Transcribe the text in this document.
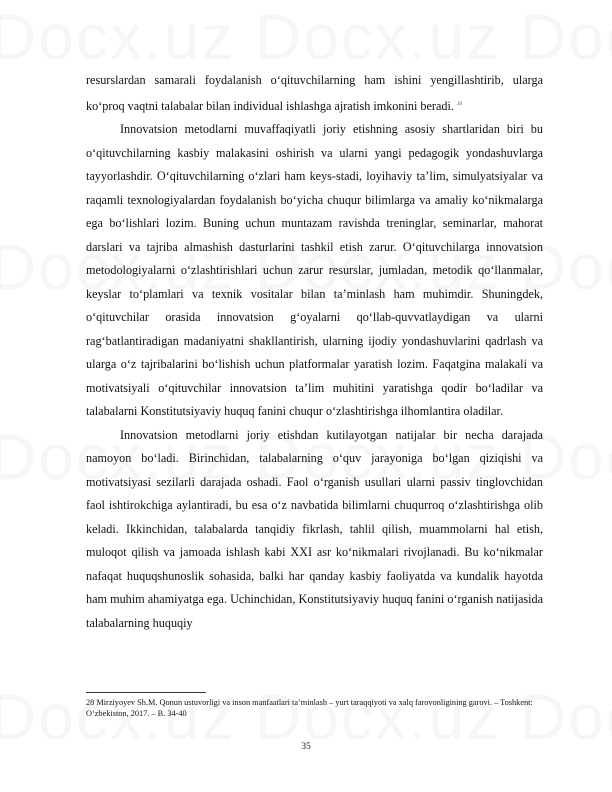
resurslardan samarali foydalanish o‘qituvchilarning ham ishini yengillashtirib, ularga ko‘proq vaqtni talabalar bilan individual ishlashga ajratish imkonini beradi. $^{28}$

Innovatsion metodlarni muvaffaqiyatli joriy etishning asosiy shartlaridan biri bu o‘qituvchilarning kasbiy malakasini oshirish va ularni yangi pedagogik yondashuvlarga tayyorlashdir. O‘qituvchilarning o‘zlari ham keys-stadi, loyihaviy ta’lim, simulyatsiyalar va raqamli texnologiyalardan foydalanish bo‘yicha chuqur bilimlarga va amaliy ko‘nikmalarga ega bo‘lishlari lozim. Buning uchun muntazam ravishda treninglar, seminarlar, mahorat darslari va tajriba almashish dasturlarini tashkil etish zarur. O‘qituvchilarga innovatsion metodologiyalarni o‘zlashtirishlari uchun zarur resurslar, jumladan, metodik qo‘llanmalar, keyslar to‘plamlari va texnik vositalar bilan ta’minlash ham muhimdir. Shuningdek, o‘qituvchilar orasida innovatsion g‘oyalarni qo‘llab-quvvatlaydigan va ularni rag‘batlantiradigan madaniyatni shakllantirish, ularning ijodiy yondashuvlarini qadrlash va ularga o‘z tajribalarini bo‘lishish uchun platformalar yaratish lozim. Faqatgina malakali va motivatsiyali o‘qituvchilar innovatsion ta’lim muhitini yaratishga qodir bo‘ladilar va talabalarni Konstitutsiyaviy huquq fanini chuqur o‘zlashtirishga ilhomlantira oladilar.

Innovatsion metodlarni joriy etishdan kutilayotgan natijalar bir necha darajada namoyon bo‘ladi. Birinchidan, talabalarning o‘quv jarayoniga bo‘lgan qiziqishi va motivatsiyasi sezilarli darajada oshadi. Faol o‘rganish usullari ularni passiv tinglovchidan faol ishtirokchiga aylantiradi, bu esa o‘z navbatida bilimlarni chuqurroq o‘zlashtirishga olib keladi. Ikkinchidan, talabalarda tanqidiy fikrlash, tahlil qilish, muammolarni hal etish, muloqot qilish va jamoada ishlash kabi XXI asr ko‘nikmalari rivojlanadi. Bu ko‘nikmalar nafaqat huquqshunoslik sohasida, balki har qanday kasbiy faoliyatda va kundalik hayotda ham muhim ahamiyatga ega. Uchinchidan, Konstitutsiyaviy huquq fanini o‘rganish natijasida talabalarning huquqiy

28 Mirziyoyev Sh.M. Qonun ustuvorligi va inson manfaatlari ta’minlash – yurt taraqqiyoti va xalq farovonligining garovi. – Toshkent: O‘zbekiston, 2017. – B. 34-40
35
